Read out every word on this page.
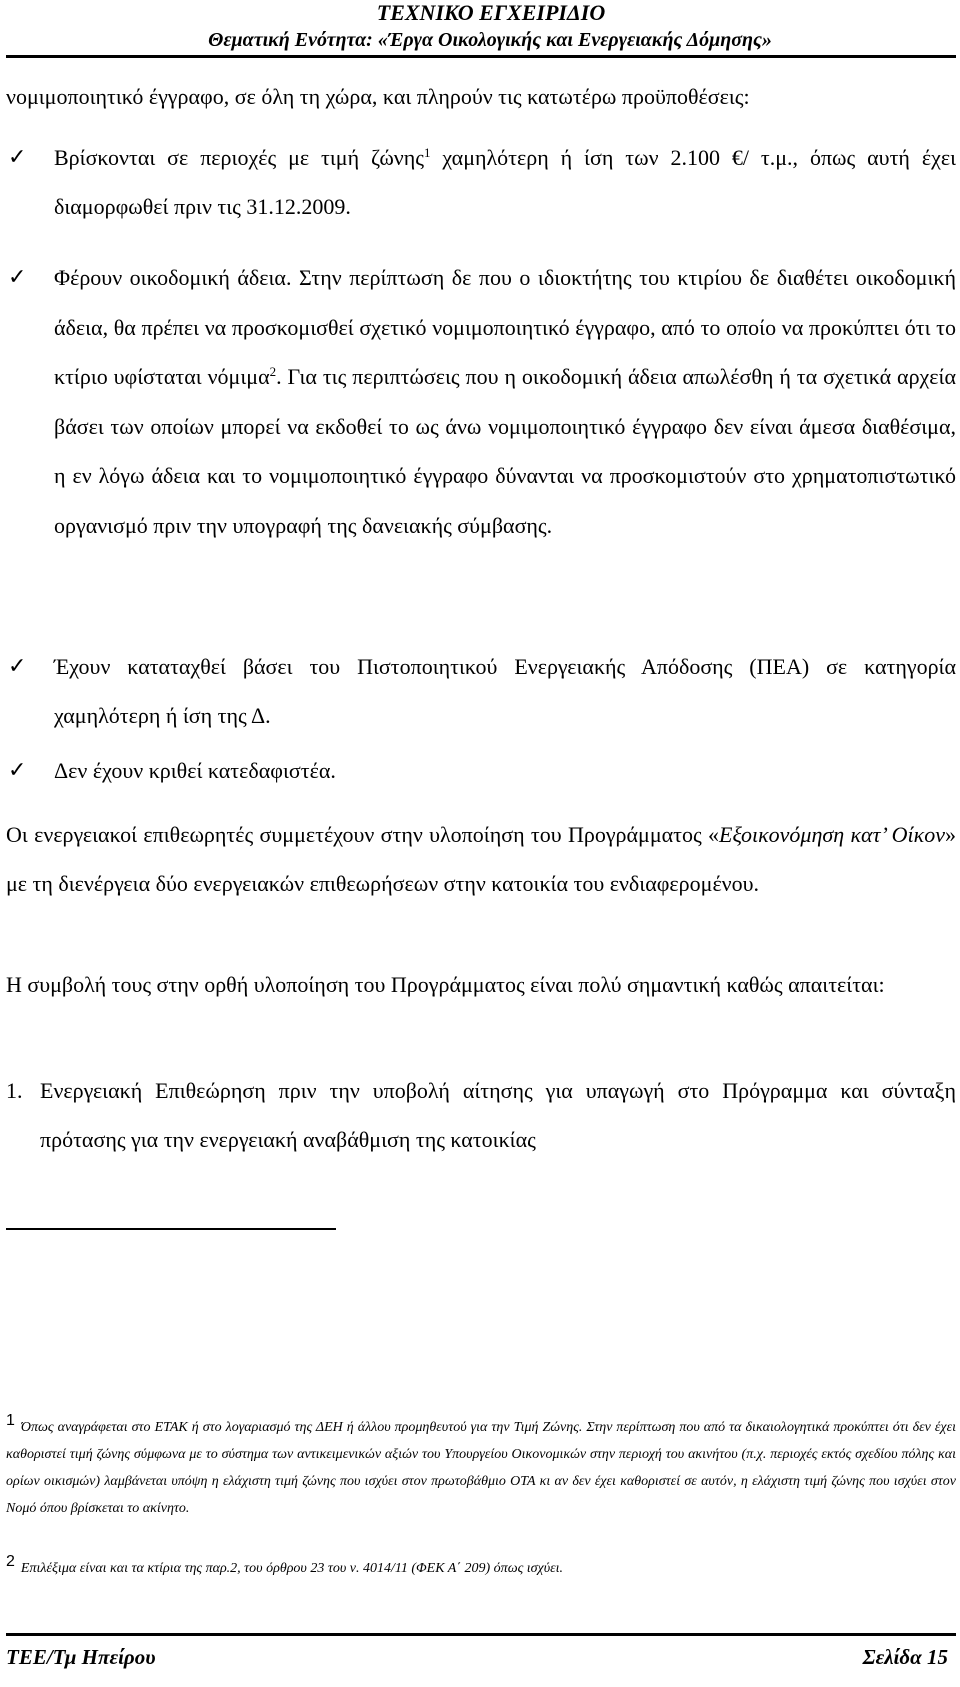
ΤΕΧΝΙΚΟ ΕΓΧΕΙΡΙΔΙΟ
Θεματική Ενότητα: «Έργα Οικολογικής και Ενεργειακής Δόμησης»

νομιμοποιητικό έγγραφο, σε όλη τη χώρα, και πληρούν τις κατωτέρω προϋποθέσεις:

✓ Βρίσκονται σε περιοχές με τιμή ζώνης$^1$ χαμηλότερη ή ίση των 2.100 €/ τ.μ., όπως αυτή έχει διαμορφωθεί πριν τις 31.12.2009.
✓ Φέρουν οικοδομική άδεια. Στην περίπτωση δε που ο ιδιοκτήτης του κτιρίου δε διαθέτει οικοδομική άδεια, θα πρέπει να προσκομισθεί σχετικό νομιμοποιητικό έγγραφο, από το οποίο να προκύπτει ότι το κτίριο υφίσταται νόμιμα$^2$. Για τις περιπτώσεις που η οικοδομική άδεια απωλέσθη ή τα σχετικά αρχεία βάσει των οποίων μπορεί να εκδοθεί το ως άνω νομιμοποιητικό έγγραφο δεν είναι άμεσα διαθέσιμα, η εν λόγω άδεια και το νομιμοποιητικό έγγραφο δύνανται να προσκομιστούν στο χρηματοπιστωτικό οργανισμό πριν την υπογραφή της δανειακής σύμβασης.
✓ Έχουν καταταχθεί βάσει του Πιστοποιητικού Ενεργειακής Απόδοσης (ΠΕΑ) σε κατηγορία χαμηλότερη ή ίση της Δ.
✓ Δεν έχουν κριθεί κατεδαφιστέα.

Οι ενεργειακοί επιθεωρητές συμμετέχουν στην υλοποίηση του Προγράμματος «Εξοικονόμηση κατ’ Οίκον» με τη διενέργεια δύο ενεργειακών επιθεωρήσεων στην κατοικία του ενδιαφερομένου.

Η συμβολή τους στην ορθή υλοποίηση του Προγράμματος είναι πολύ σημαντική καθώς απαιτείται:

1. Ενεργειακή Επιθεώρηση πριν την υποβολή αίτησης για υπαγωγή στο Πρόγραμμα και σύνταξη πρότασης για την ενεργειακή αναβάθμιση της κατοικίας

1 Όπως αναγράφεται στο ΕΤΑΚ ή στο λογαριασμό της ΔΕΗ ή άλλου προμηθευτού για την Τιμή Ζώνης. Στην περίπτωση που από τα δικαιολογητικά προκύπτει ότι δεν έχει καθοριστεί τιμή ζώνης σύμφωνα με το σύστημα των αντικειμενικών αξιών του Υπουργείου Οικονομικών στην περιοχή του ακινήτου (π.χ. περιοχές εκτός σχεδίου πόλης και ορίων οικισμών) λαμβάνεται υπόψη η ελάχιστη τιμή ζώνης που ισχύει στον πρωτοβάθμιο ΟΤΑ κι αν δεν έχει καθοριστεί σε αυτόν, η ελάχιστη τιμή ζώνης που ισχύει στον Νομό όπου βρίσκεται το ακίνητο.

2 Επιλέξιμα είναι και τα κτίρια της παρ.2, του όρθρου 23 του ν. 4014/11 (ΦΕΚ Α΄ 209) όπως ισχύει.

ΤΕΕ/Τμ Ηπείρου	Σελίδα 15
